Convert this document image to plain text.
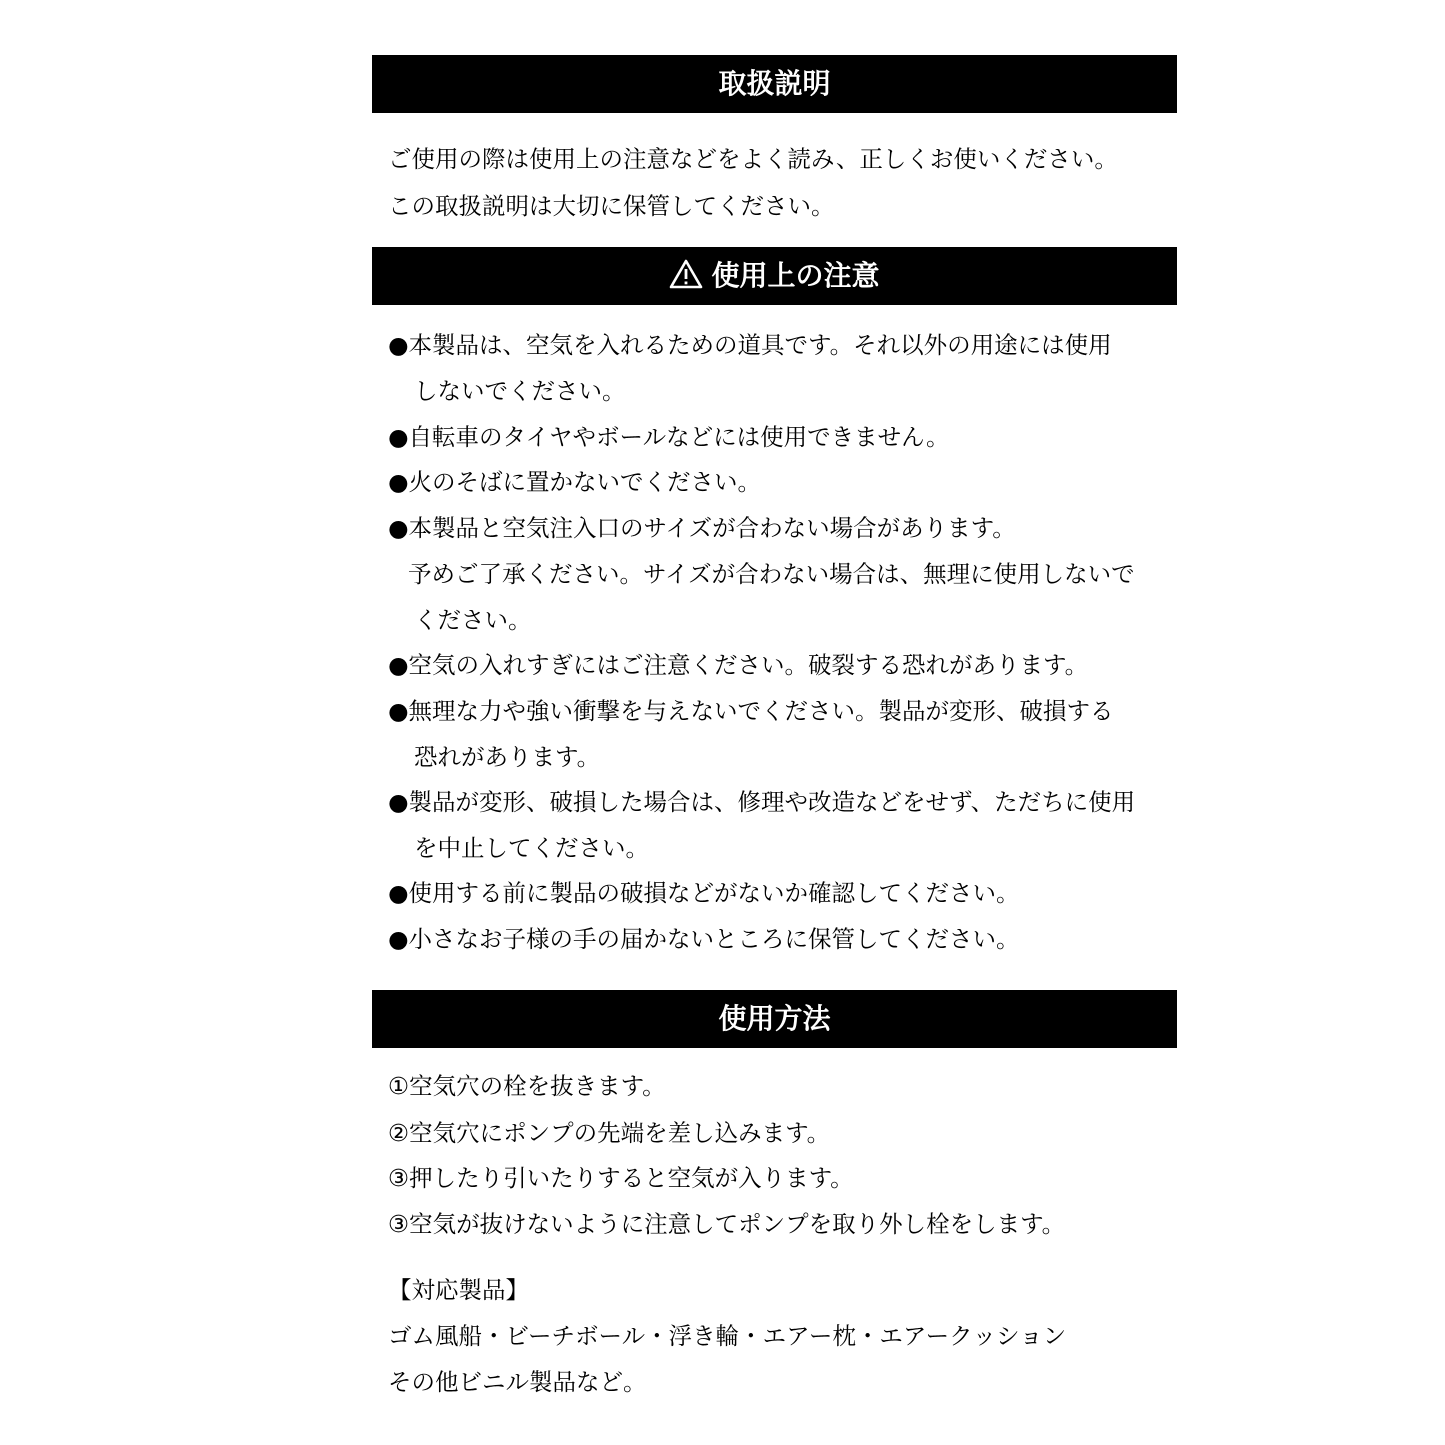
取扱説明
ご使用の際は使用上の注意などをよく読み、正しくお使いください。
この取扱説明は大切に保管してください。
使用上の注意
●本製品は、空気を入れるための道具です。それ以外の用途には使用
しないでください。
●自転車のタイヤやボールなどには使用できません。
●火のそばに置かないでください。
●本製品と空気注入口のサイズが合わない場合があります。
予めご了承ください。サイズが合わない場合は、無理に使用しないで
ください。
●空気の入れすぎにはご注意ください。破裂する恐れがあります。
●無理な力や強い衝撃を与えないでください。製品が変形、破損する
恐れがあります。
●製品が変形、破損した場合は、修理や改造などをせず、ただちに使用
を中止してください。
●使用する前に製品の破損などがないか確認してください。
●小さなお子様の手の届かないところに保管してください。
使用方法
①空気穴の栓を抜きます。
②空気穴にポンプの先端を差し込みます。
③押したり引いたりすると空気が入ります。
③空気が抜けないように注意してポンプを取り外し栓をします。
【対応製品】
ゴム風船・ビーチボール・浮き輪・エアー枕・エアークッション
その他ビニル製品など。
